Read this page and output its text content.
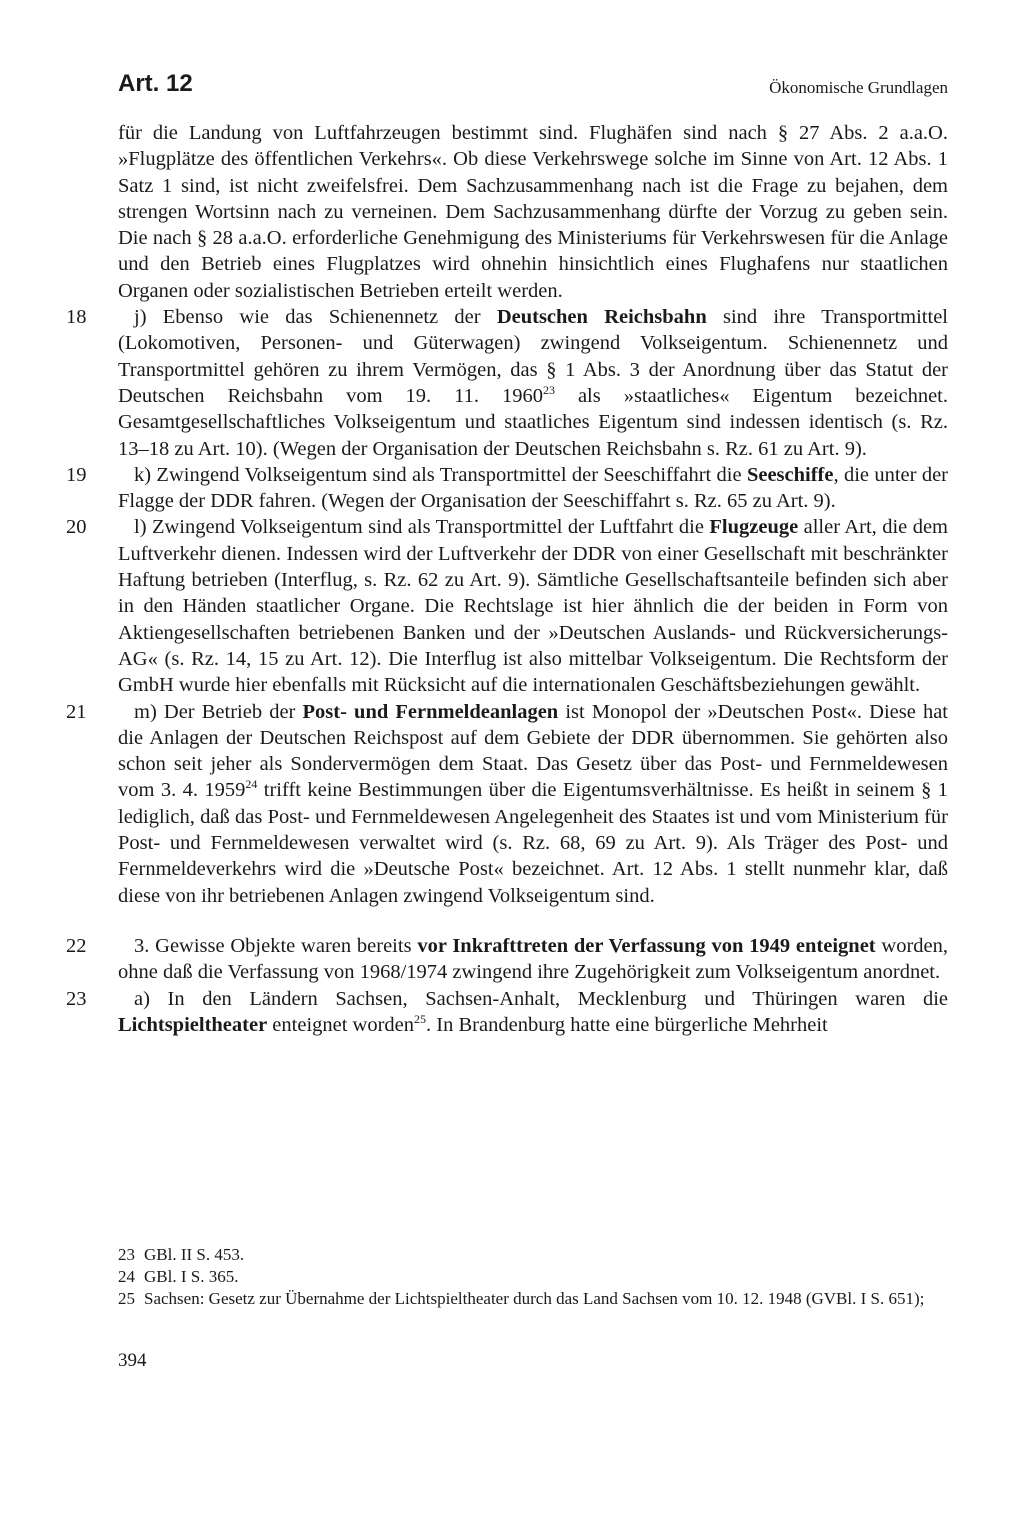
Art. 12	Ökonomische Grundlagen

für die Landung von Luftfahrzeugen bestimmt sind. Flughäfen sind nach § 27 Abs. 2 a.a.O. »Flugplätze des öffentlichen Verkehrs«. Ob diese Verkehrswege solche im Sinne von Art. 12 Abs. 1 Satz 1 sind, ist nicht zweifelsfrei. Dem Sachzusammenhang nach ist die Frage zu bejahen, dem strengen Wortsinn nach zu verneinen. Dem Sachzusammenhang dürfte der Vorzug zu geben sein. Die nach § 28 a.a.O. erforderliche Genehmigung des Ministeriums für Verkehrswesen für die Anlage und den Betrieb eines Flugplatzes wird ohnehin hinsichtlich eines Flughafens nur staatlichen Organen oder sozialistischen Betrieben erteilt werden.

18	j) Ebenso wie das Schienennetz der Deutschen Reichsbahn sind ihre Transportmittel (Lokomotiven, Personen- und Güterwagen) zwingend Volkseigentum. Schienennetz und Transportmittel gehören zu ihrem Vermögen, das § 1 Abs. 3 der Anordnung über das Statut der Deutschen Reichsbahn vom 19. 11. 1960$^{23}$ als »staatliches« Eigentum bezeichnet. Gesamtgesellschaftliches Volkseigentum und staatliches Eigentum sind indessen identisch (s. Rz. 13–18 zu Art. 10). (Wegen der Organisation der Deutschen Reichsbahn s. Rz. 61 zu Art. 9).

19	k) Zwingend Volkseigentum sind als Transportmittel der Seeschiffahrt die Seeschiffe, die unter der Flagge der DDR fahren. (Wegen der Organisation der Seeschiffahrt s. Rz. 65 zu Art. 9).

20	l) Zwingend Volkseigentum sind als Transportmittel der Luftfahrt die Flugzeuge aller Art, die dem Luftverkehr dienen. Indessen wird der Luftverkehr der DDR von einer Gesellschaft mit beschränkter Haftung betrieben (Interflug, s. Rz. 62 zu Art. 9). Sämtliche Gesellschaftsanteile befinden sich aber in den Händen staatlicher Organe. Die Rechtslage ist hier ähnlich die der beiden in Form von Aktiengesellschaften betriebenen Banken und der »Deutschen Auslands- und Rückversicherungs-AG« (s. Rz. 14, 15 zu Art. 12). Die Interflug ist also mittelbar Volkseigentum. Die Rechtsform der GmbH wurde hier ebenfalls mit Rücksicht auf die internationalen Geschäftsbeziehungen gewählt.

21	m) Der Betrieb der Post- und Fernmeldeanlagen ist Monopol der »Deutschen Post«. Diese hat die Anlagen der Deutschen Reichspost auf dem Gebiete der DDR übernommen. Sie gehörten also schon seit jeher als Sondervermögen dem Staat. Das Gesetz über das Post- und Fernmeldewesen vom 3. 4. 1959$^{24}$ trifft keine Bestimmungen über die Eigentumsverhältnisse. Es heißt in seinem § 1 lediglich, daß das Post- und Fernmeldewesen Angelegenheit des Staates ist und vom Ministerium für Post- und Fernmeldewesen verwaltet wird (s. Rz. 68, 69 zu Art. 9). Als Träger des Post- und Fernmeldeverkehrs wird die »Deutsche Post« bezeichnet. Art. 12 Abs. 1 stellt nunmehr klar, daß diese von ihr betriebenen Anlagen zwingend Volkseigentum sind.

22	3. Gewisse Objekte waren bereits vor Inkrafttreten der Verfassung von 1949 enteignet worden, ohne daß die Verfassung von 1968/1974 zwingend ihre Zugehörigkeit zum Volkseigentum anordnet.

23	a) In den Ländern Sachsen, Sachsen-Anhalt, Mecklenburg und Thüringen waren die Lichtspieltheater enteignet worden$^{25}$. In Brandenburg hatte eine bürgerliche Mehrheit

23 GBl. II S. 453.
24 GBl. I S. 365.
25 Sachsen: Gesetz zur Übernahme der Lichtspieltheater durch das Land Sachsen vom 10. 12. 1948 (GVBl. I S. 651);
394
